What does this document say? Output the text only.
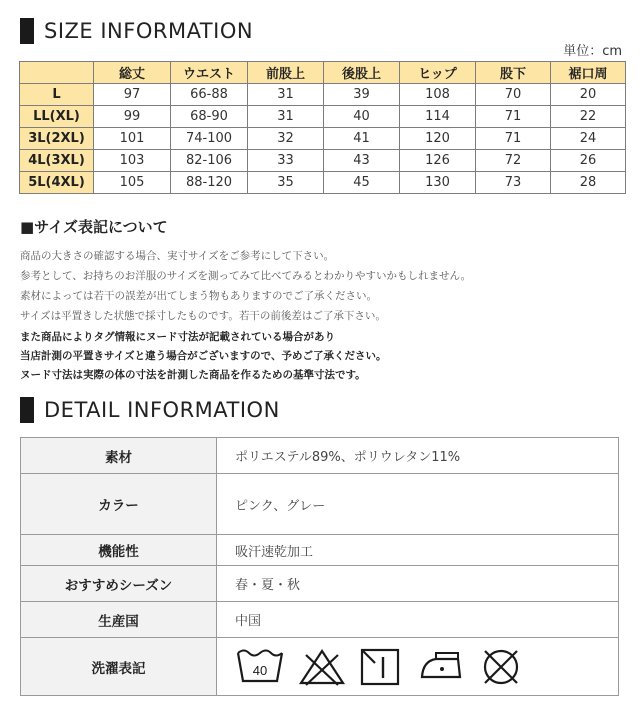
SIZE INFORMATION
単位：cm
	総丈	ウエスト	前股上	後股上	ヒップ	股下	裾口周
L	97	66-88	31	39	108	70	20
LL(XL)	99	68-90	31	40	114	71	22
3L(2XL)	101	74-100	32	41	120	71	24
4L(3XL)	103	82-106	33	43	126	72	26
5L(4XL)	105	88-120	35	45	130	73	28
■サイズ表記について

商品の大きさの確認する場合、実寸サイズをご参考にして下さい。

参考として、お持ちのお洋服のサイズを測ってみて比べてみるとわかりやすいかもしれません。

素材によっては若干の誤差が出てしまう物もありますのでご了承ください。

サイズは平置きした状態で採寸したものです。若干の前後差はご了承下さい。

また商品によりタグ情報にヌード寸法が記載されている場合があり

当店計測の平置きサイズと違う場合がございますので、予めご了承ください。

ヌード寸法は実際の体の寸法を計測した商品を作るための基準寸法です。

DETAIL INFORMATION
素材	ポリエステル89%、ポリウレタン11%
カラー	ピンク、グレー
機能性	吸汗速乾加工
おすすめシーズン	春・夏・秋
生産国	中国
洗濯表記	40
